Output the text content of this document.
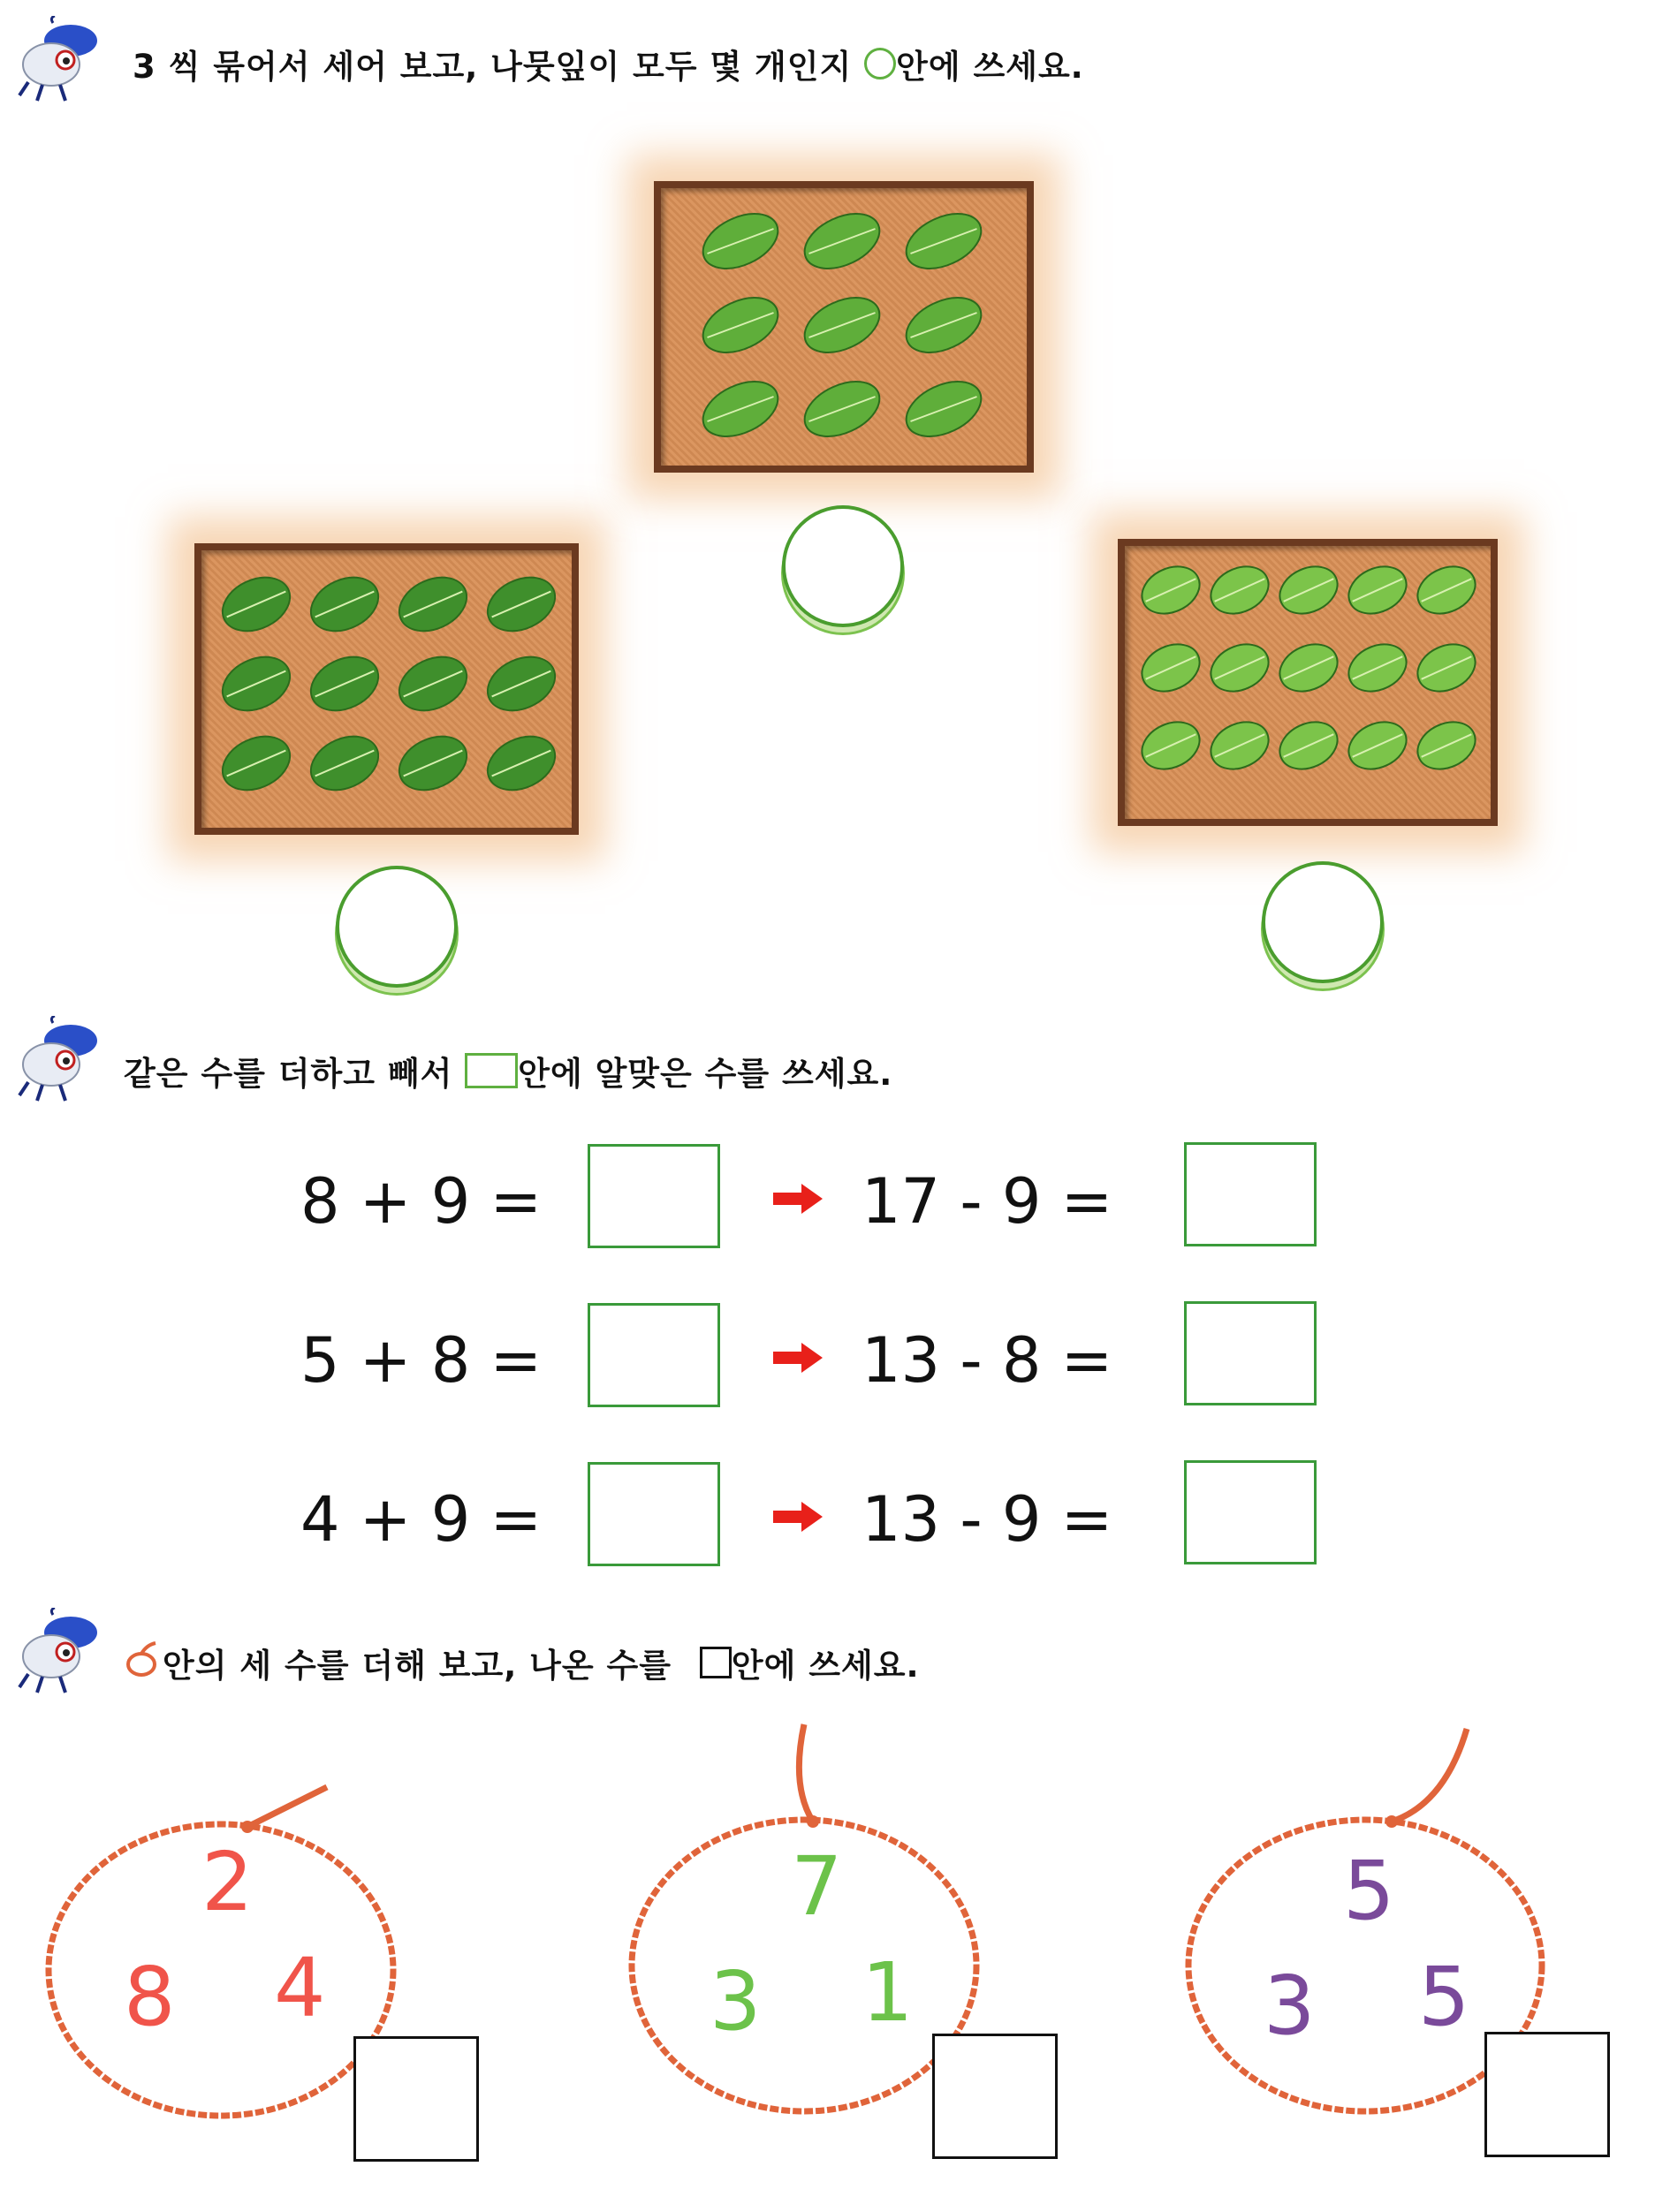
3 씩 묶어서 세어 보고, 나뭇잎이 모두 몇 개인지 안에 쓰세요.
같은 수를 더하고 빼서 안에 알맞은 수를 쓰세요.
8 + 9 =	17 - 9 =
5 + 8 =	13 - 8 =
4 + 9 =	13 - 9 =
안의 세 수를 더해 보고, 나온 수를 안에 쓰세요.
2
8 4
7
3 1
5
3 5
